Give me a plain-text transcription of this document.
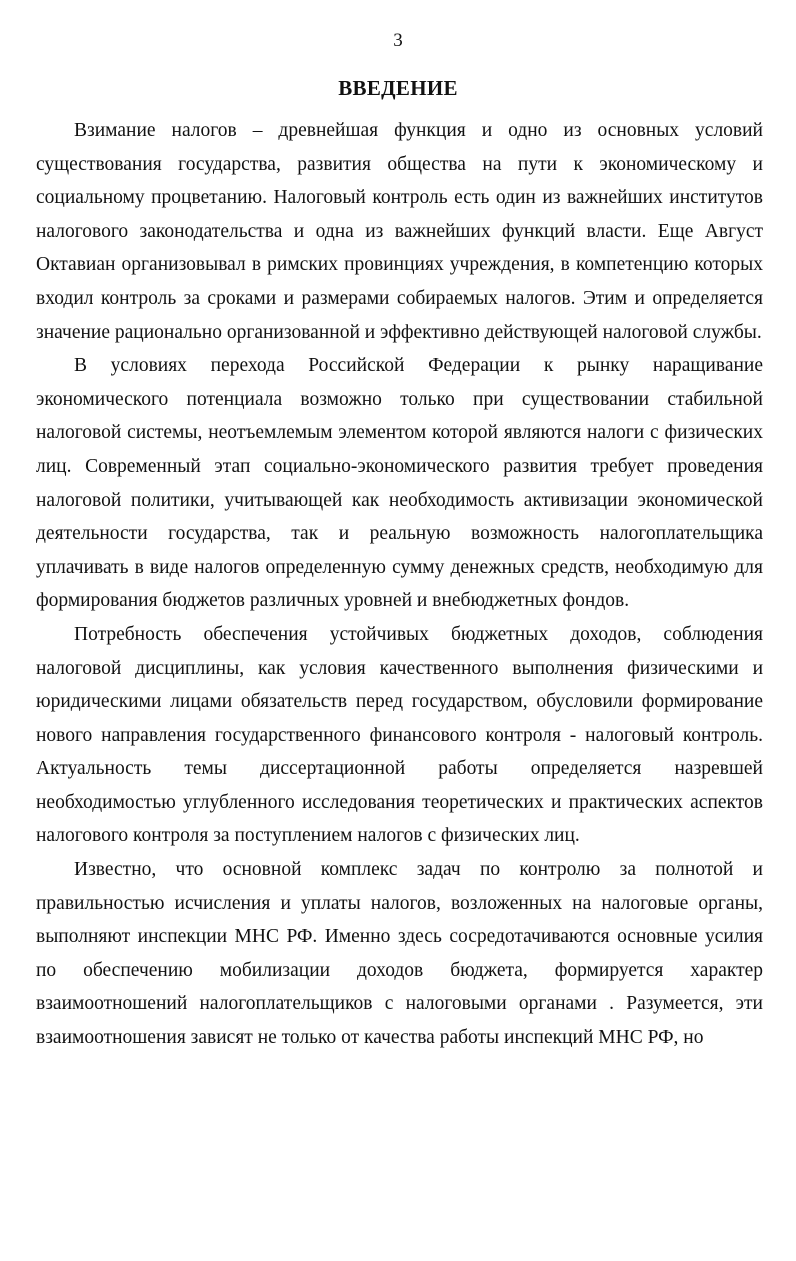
3
ВВЕДЕНИЕ

Взимание налогов – древнейшая функция и одно из основных условий существования государства, развития общества на пути к экономическому и социальному процветанию. Налоговый контроль есть один из важнейших институтов налогового законодательства и одна из важнейших функций власти. Еще Август Октавиан организовывал в римских провинциях учреждения, в компетенцию которых входил контроль за сроками и размерами собираемых налогов. Этим и определяется значение рационально организованной и эффективно действующей налоговой службы.

В условиях перехода Российской Федерации к рынку наращивание экономического потенциала возможно только при существовании стабильной налоговой системы, неотъемлемым элементом которой являются налоги с физических лиц. Современный этап социально-экономического развития требует проведения налоговой политики, учитывающей как необходимость активизации экономической деятельности государства, так и реальную возможность налогоплательщика уплачивать в виде налогов определенную сумму денежных средств, необходимую для формирования бюджетов различных уровней и внебюджетных фондов.

Потребность обеспечения устойчивых бюджетных доходов, соблюдения налоговой дисциплины, как условия качественного выполнения физическими и юридическими лицами обязательств перед государством, обусловили формирование нового направления государственного финансового контроля - налоговый контроль. Актуальность темы диссертационной работы определяется назревшей необходимостью углубленного исследования теоретических и практических аспектов налогового контроля за поступлением налогов с физических лиц.

Известно, что основной комплекс задач по контролю за полнотой и правильностью исчисления и уплаты налогов, возложенных на налоговые органы, выполняют инспекции МНС РФ. Именно здесь сосредотачиваются основные усилия по обеспечению мобилизации доходов бюджета, формируется характер взаимоотношений налогоплательщиков с налоговыми органами . Разумеется, эти взаимоотношения зависят не только от качества работы инспекций МНС РФ, но
